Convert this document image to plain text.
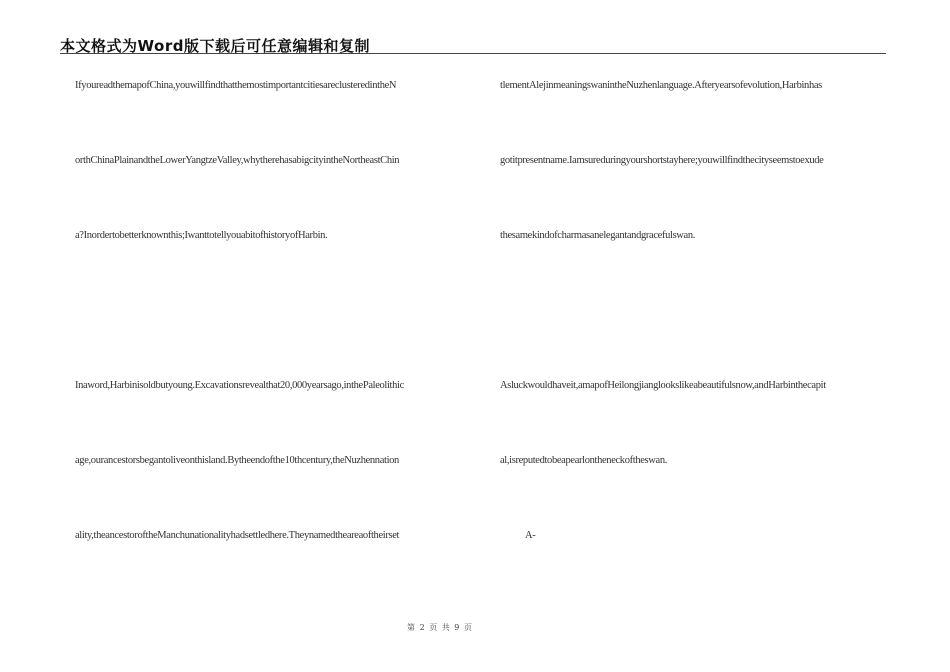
本文格式为Word版下载后可任意编辑和复制
IfyoureadthemapofChina,youwillfindthatthemostimportantcitiesareclusteredintheN
orthChinaPlainandtheLowerYangtzeValley,whytherehasabigcityintheNortheastChin
a?Inordertobetterknownthis;IwanttotellyouabitofhistoryofHarbin.
Inaword,Harbinisoldbutyoung.Excavationsrevealthat20,000yearsago,inthePaleolithic
age,ourancestorsbegantoliveonthisland.Bytheendofthe10thcentury,theNuzhennation
ality,theancestoroftheManchunationalityhadsettledhere.Theynamedtheareaoftheirset
tlementAlejinmeaningswanintheNuzhenlanguage.Afteryearsofevolution,Harbinhas
gotitpresentname.Iamsureduringyourshortstayhere;youwillfindthecityseemstoexude
thesamekindofcharmasanelegantandgracefulswan.
Asluckwouldhaveit,amapofHeilongjianglookslikeabeautifulsnow,andHarbinthecapit
al,isreputedtobeapearlontheneckoftheswan.
A-
第 2 页 共 9 页
